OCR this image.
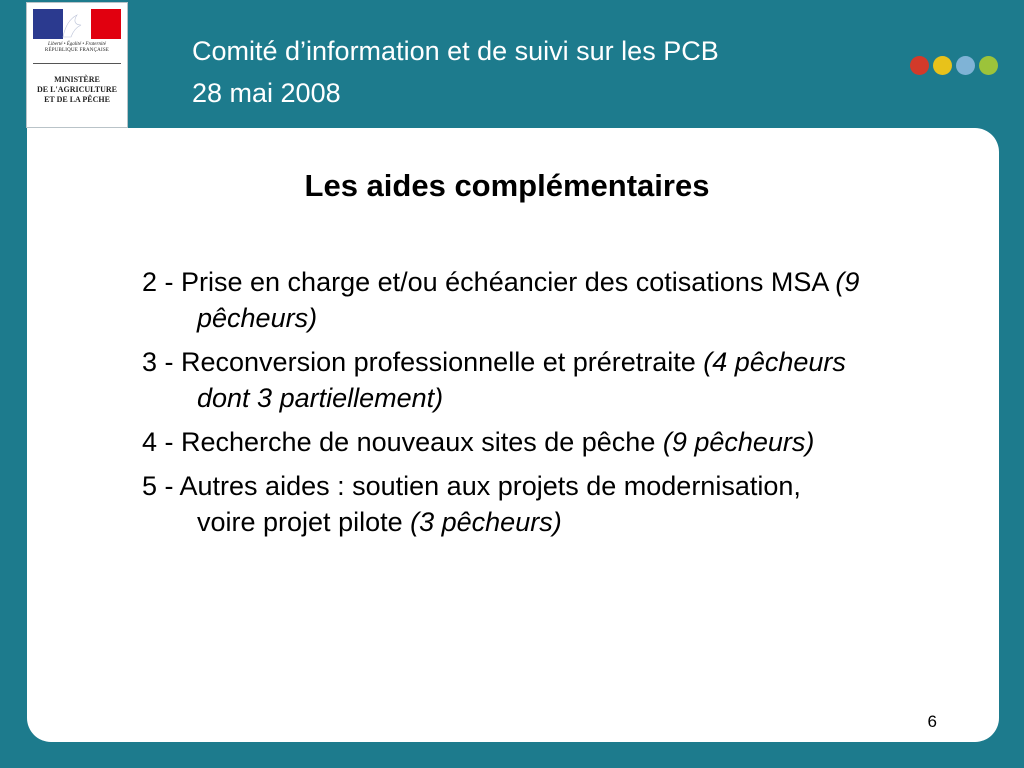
Liberté • Égalité • Fraternité
RÉPUBLIQUE FRANÇAISE
MINISTÈRE
DE L'AGRICULTURE
ET DE LA PÊCHE
Comité d’information et de suivi sur les PCB
28 mai 2008
Les aides complémentaires
2 - Prise en charge et/ou échéancier des cotisations MSA (9 pêcheurs)
3 - Reconversion professionnelle et préretraite (4 pêcheurs dont 3 partiellement)
4 - Recherche de nouveaux sites de pêche (9 pêcheurs)
5 - Autres aides : soutien aux projets de modernisation, voire projet pilote (3 pêcheurs)
6
